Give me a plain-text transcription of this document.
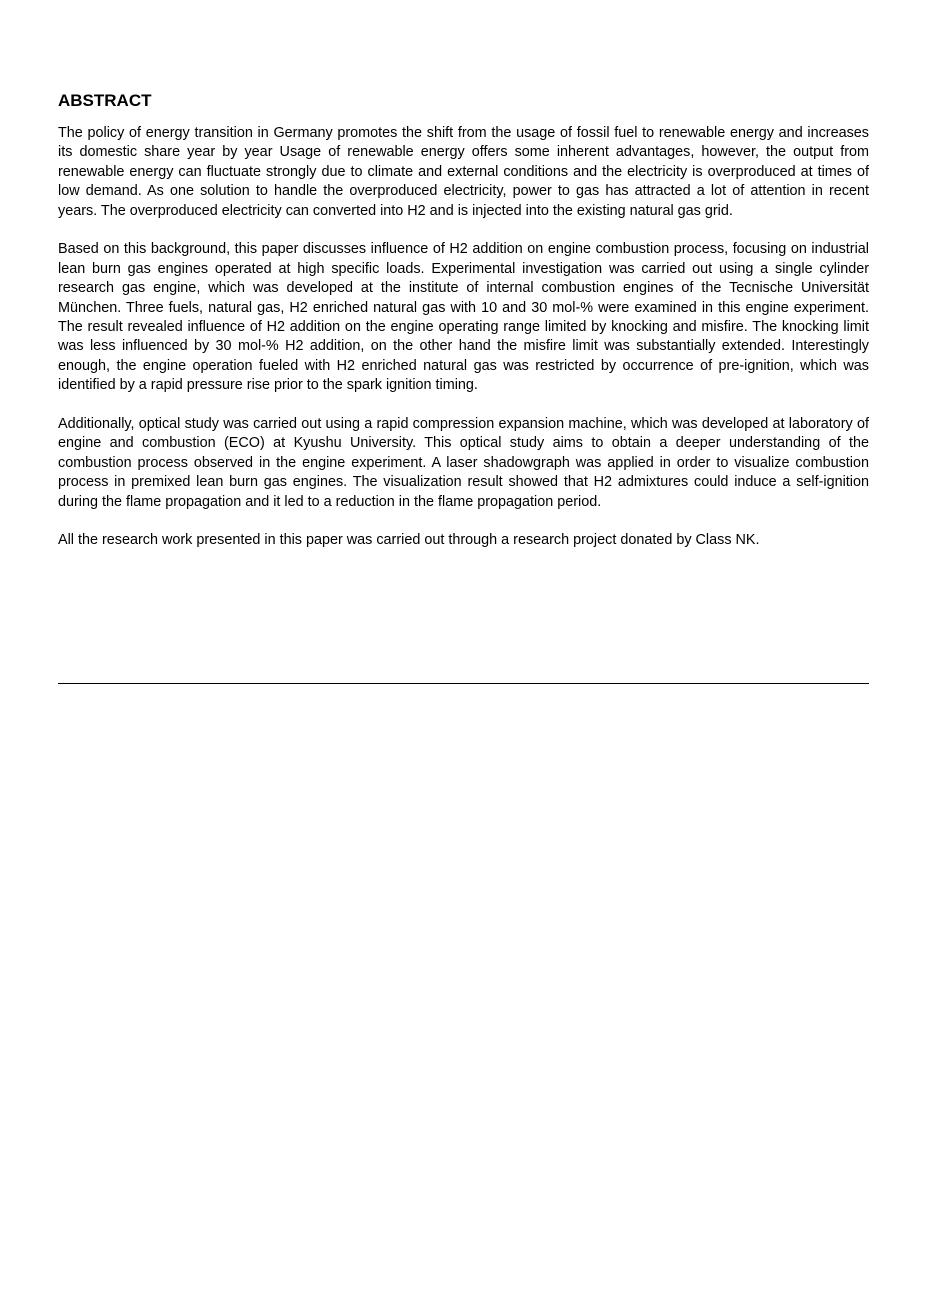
ABSTRACT

The policy of energy transition in Germany promotes the shift from the usage of fossil fuel to renewable energy and increases its domestic share year by year Usage of renewable energy offers some inherent advantages, however, the output from renewable energy can fluctuate strongly due to climate and external conditions and the electricity is overproduced at times of low demand. As one solution to handle the overproduced electricity, power to gas has attracted a lot of attention in recent years. The overproduced electricity can converted into H2 and is injected into the existing natural gas grid.

Based on this background, this paper discusses influence of H2 addition on engine combustion process, focusing on industrial lean burn gas engines operated at high specific loads. Experimental investigation was carried out using a single cylinder research gas engine, which was developed at the institute of internal combustion engines of the Tecnische Universität München. Three fuels, natural gas, H2 enriched natural gas with 10 and 30 mol-% were examined in this engine experiment. The result revealed influence of H2 addition on the engine operating range limited by knocking and misfire. The knocking limit was less influenced by 30 mol-% H2 addition, on the other hand the misfire limit was substantially extended. Interestingly enough, the engine operation fueled with H2 enriched natural gas was restricted by occurrence of pre-ignition, which was identified by a rapid pressure rise prior to the spark ignition timing.

Additionally, optical study was carried out using a rapid compression expansion machine, which was developed at laboratory of engine and combustion (ECO) at Kyushu University. This optical study aims to obtain a deeper understanding of the combustion process observed in the engine experiment. A laser shadowgraph was applied in order to visualize combustion process in premixed lean burn gas engines. The visualization result showed that H2 admixtures could induce a self-ignition during the flame propagation and it led to a reduction in the flame propagation period.

All the research work presented in this paper was carried out through a research project donated by Class NK.
